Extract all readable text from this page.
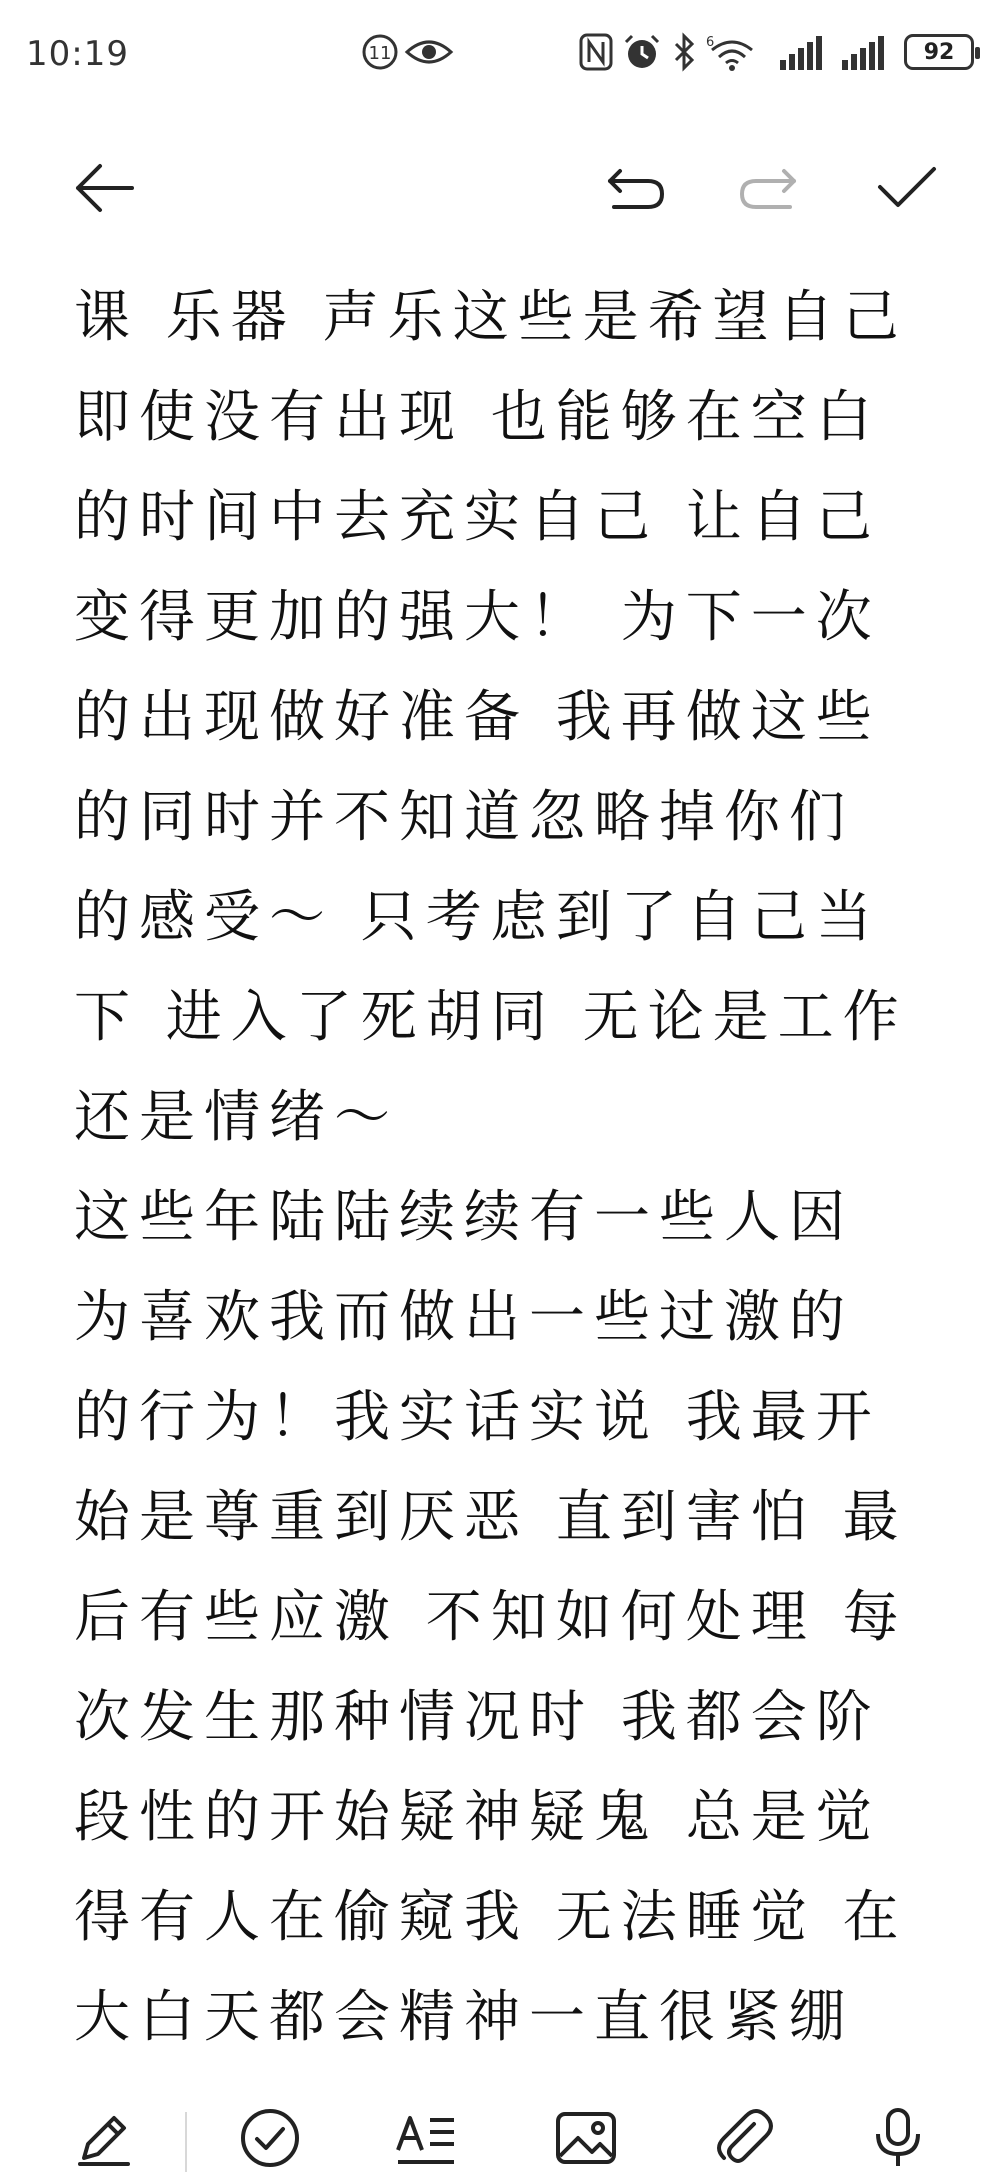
10:19	11
6	92
课 乐器 声乐这些是希望自己
即使没有出现 也能够在空白
的时间中去充实自己 让自己
变得更加的强大！ 为下一次
的出现做好准备 我再做这些
的同时并不知道忽略掉你们
的感受～ 只考虑到了自己当
下 进入了死胡同 无论是工作
还是情绪～
这些年陆陆续续有一些人因
为喜欢我而做出一些过激的
的行为！我实话实说 我最开
始是尊重到厌恶 直到害怕 最
后有些应激 不知如何处理 每
次发生那种情况时 我都会阶
段性的开始疑神疑鬼 总是觉
得有人在偷窥我 无法睡觉 在
大白天都会精神一直很紧绷
